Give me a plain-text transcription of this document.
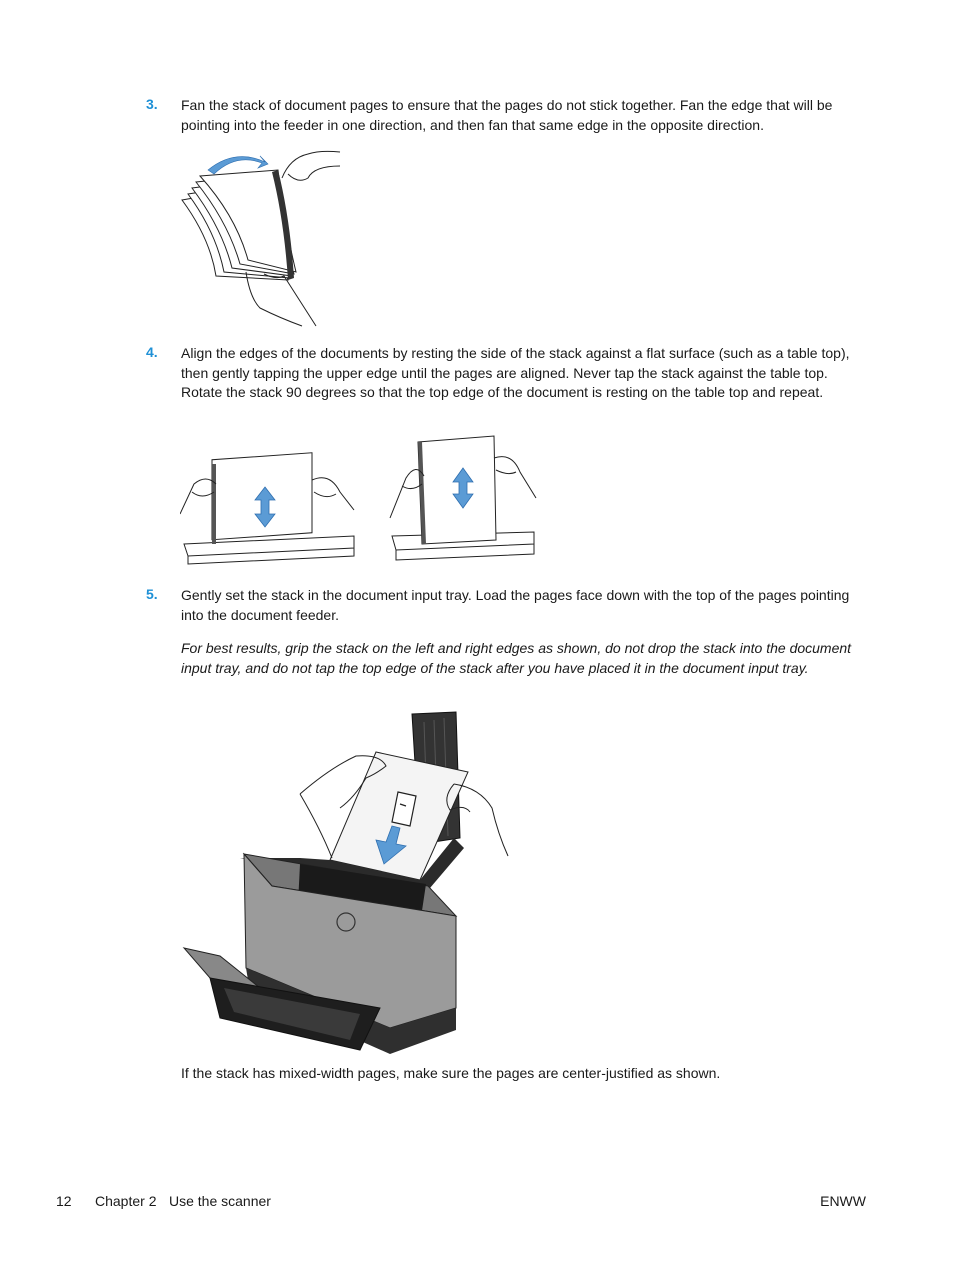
3. Fan the stack of document pages to ensure that the pages do not stick together. Fan the edge that will be pointing into the feeder in one direction, and then fan that same edge in the opposite direction.
4. Align the edges of the documents by resting the side of the stack against a flat surface (such as a table top), then gently tapping the upper edge until the pages are aligned. Never tap the stack against the table top. Rotate the stack 90 degrees so that the top edge of the document is resting on the table top and repeat.
5. Gently set the stack in the document input tray. Load the pages face down with the top of the pages pointing into the document feeder.
For best results, grip the stack on the left and right edges as shown, do not drop the stack into the document input tray, and do not tap the top edge of the stack after you have placed it in the document input tray.
If the stack has mixed-width pages, make sure the pages are center-justified as shown.
12 Chapter 2 Use the scanner	ENWW
